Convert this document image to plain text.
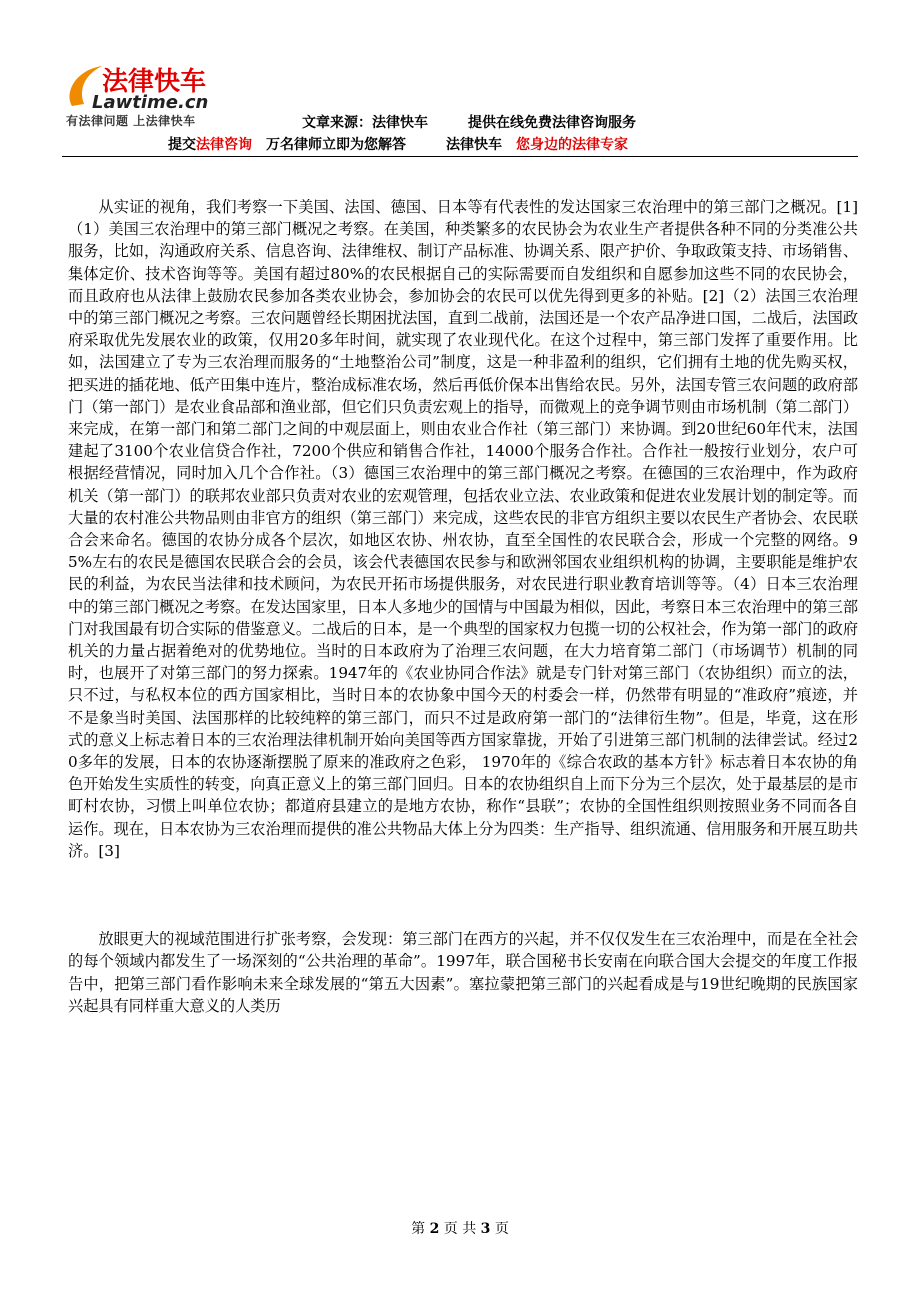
法律快车
Lawtime.cn
有法律问题 上法律快车	文章来源：法律快车	提供在线免费法律咨询服务
提交法律咨询 万名律师立即为您解答	法律快车 您身边的法律专家

从实证的视角，我们考察一下美国、法国、德国、日本等有代表性的发达国家三农治理中的第三部门之概况。[1]（1）美国三农治理中的第三部门概况之考察。在美国，种类繁多的农民协会为农业生产者提供各种不同的分类准公共服务，比如，沟通政府关系、信息咨询、法律维权、制订产品标准、协调关系、限产护价、争取政策支持、市场销售、集体定价、技术咨询等等。美国有超过80%的农民根据自己的实际需要而自发组织和自愿参加这些不同的农民协会，而且政府也从法律上鼓励农民参加各类农业协会，参加协会的农民可以优先得到更多的补贴。[2]（2）法国三农治理中的第三部门概况之考察。三农问题曾经长期困扰法国，直到二战前，法国还是一个农产品净进口国，二战后，法国政府采取优先发展农业的政策，仅用20多年时间，就实现了农业现代化。在这个过程中，第三部门发挥了重要作用。比如，法国建立了专为三农治理而服务的“土地整治公司”制度，这是一种非盈利的组织，它们拥有土地的优先购买权，把买进的插花地、低产田集中连片，整治成标准农场，然后再低价保本出售给农民。另外，法国专管三农问题的政府部门（第一部门）是农业食品部和渔业部，但它们只负责宏观上的指导，而微观上的竞争调节则由市场机制（第二部门）来完成，在第一部门和第二部门之间的中观层面上，则由农业合作社（第三部门）来协调。到20世纪60年代末，法国建起了3100个农业信贷合作社，7200个供应和销售合作社，14000个服务合作社。合作社一般按行业划分，农户可根据经营情况，同时加入几个合作社。（3）德国三农治理中的第三部门概况之考察。在德国的三农治理中，作为政府机关（第一部门）的联邦农业部只负责对农业的宏观管理，包括农业立法、农业政策和促进农业发展计划的制定等。而大量的农村准公共物品则由非官方的组织（第三部门）来完成，这些农民的非官方组织主要以农民生产者协会、农民联合会来命名。德国的农协分成各个层次，如地区农协、州农协，直至全国性的农民联合会，形成一个完整的网络。95%左右的农民是德国农民联合会的会员，该会代表德国农民参与和欧洲邻国农业组织机构的协调，主要职能是维护农民的利益，为农民当法律和技术顾问，为农民开拓市场提供服务，对农民进行职业教育培训等等。（4）日本三农治理中的第三部门概况之考察。在发达国家里，日本人多地少的国情与中国最为相似，因此，考察日本三农治理中的第三部门对我国最有切合实际的借鉴意义。二战后的日本，是一个典型的国家权力包揽一切的公权社会，作为第一部门的政府机关的力量占据着绝对的优势地位。当时的日本政府为了治理三农问题，在大力培育第二部门（市场调节）机制的同时，也展开了对第三部门的努力探索。1947年的《农业协同合作法》就是专门针对第三部门（农协组织）而立的法，只不过，与私权本位的西方国家相比，当时日本的农协象中国今天的村委会一样，仍然带有明显的“准政府”痕迹，并不是象当时美国、法国那样的比较纯粹的第三部门，而只不过是政府第一部门的“法律衍生物”。但是，毕竟，这在形式的意义上标志着日本的三农治理法律机制开始向美国等西方国家靠拢，开始了引进第三部门机制的法律尝试。经过20多年的发展，日本的农协逐渐摆脱了原来的准政府之色彩， 1970年的《综合农政的基本方针》标志着日本农协的角色开始发生实质性的转变，向真正意义上的第三部门回归。日本的农协组织自上而下分为三个层次，处于最基层的是市町村农协，习惯上叫单位农协；都道府县建立的是地方农协，称作“县联”；农协的全国性组织则按照业务不同而各自运作。现在，日本农协为三农治理而提供的准公共物品大体上分为四类：生产指导、组织流通、信用服务和开展互助共济。[3]

放眼更大的视域范围进行扩张考察，会发现：第三部门在西方的兴起，并不仅仅发生在三农治理中，而是在全社会的每个领域内都发生了一场深刻的“公共治理的革命”。1997年，联合国秘书长安南在向联合国大会提交的年度工作报告中，把第三部门看作影响未来全球发展的“第五大因素”。塞拉蒙把第三部门的兴起看成是与19世纪晚期的民族国家兴起具有同样重大意义的人类历

第 2 页 共 3 页
